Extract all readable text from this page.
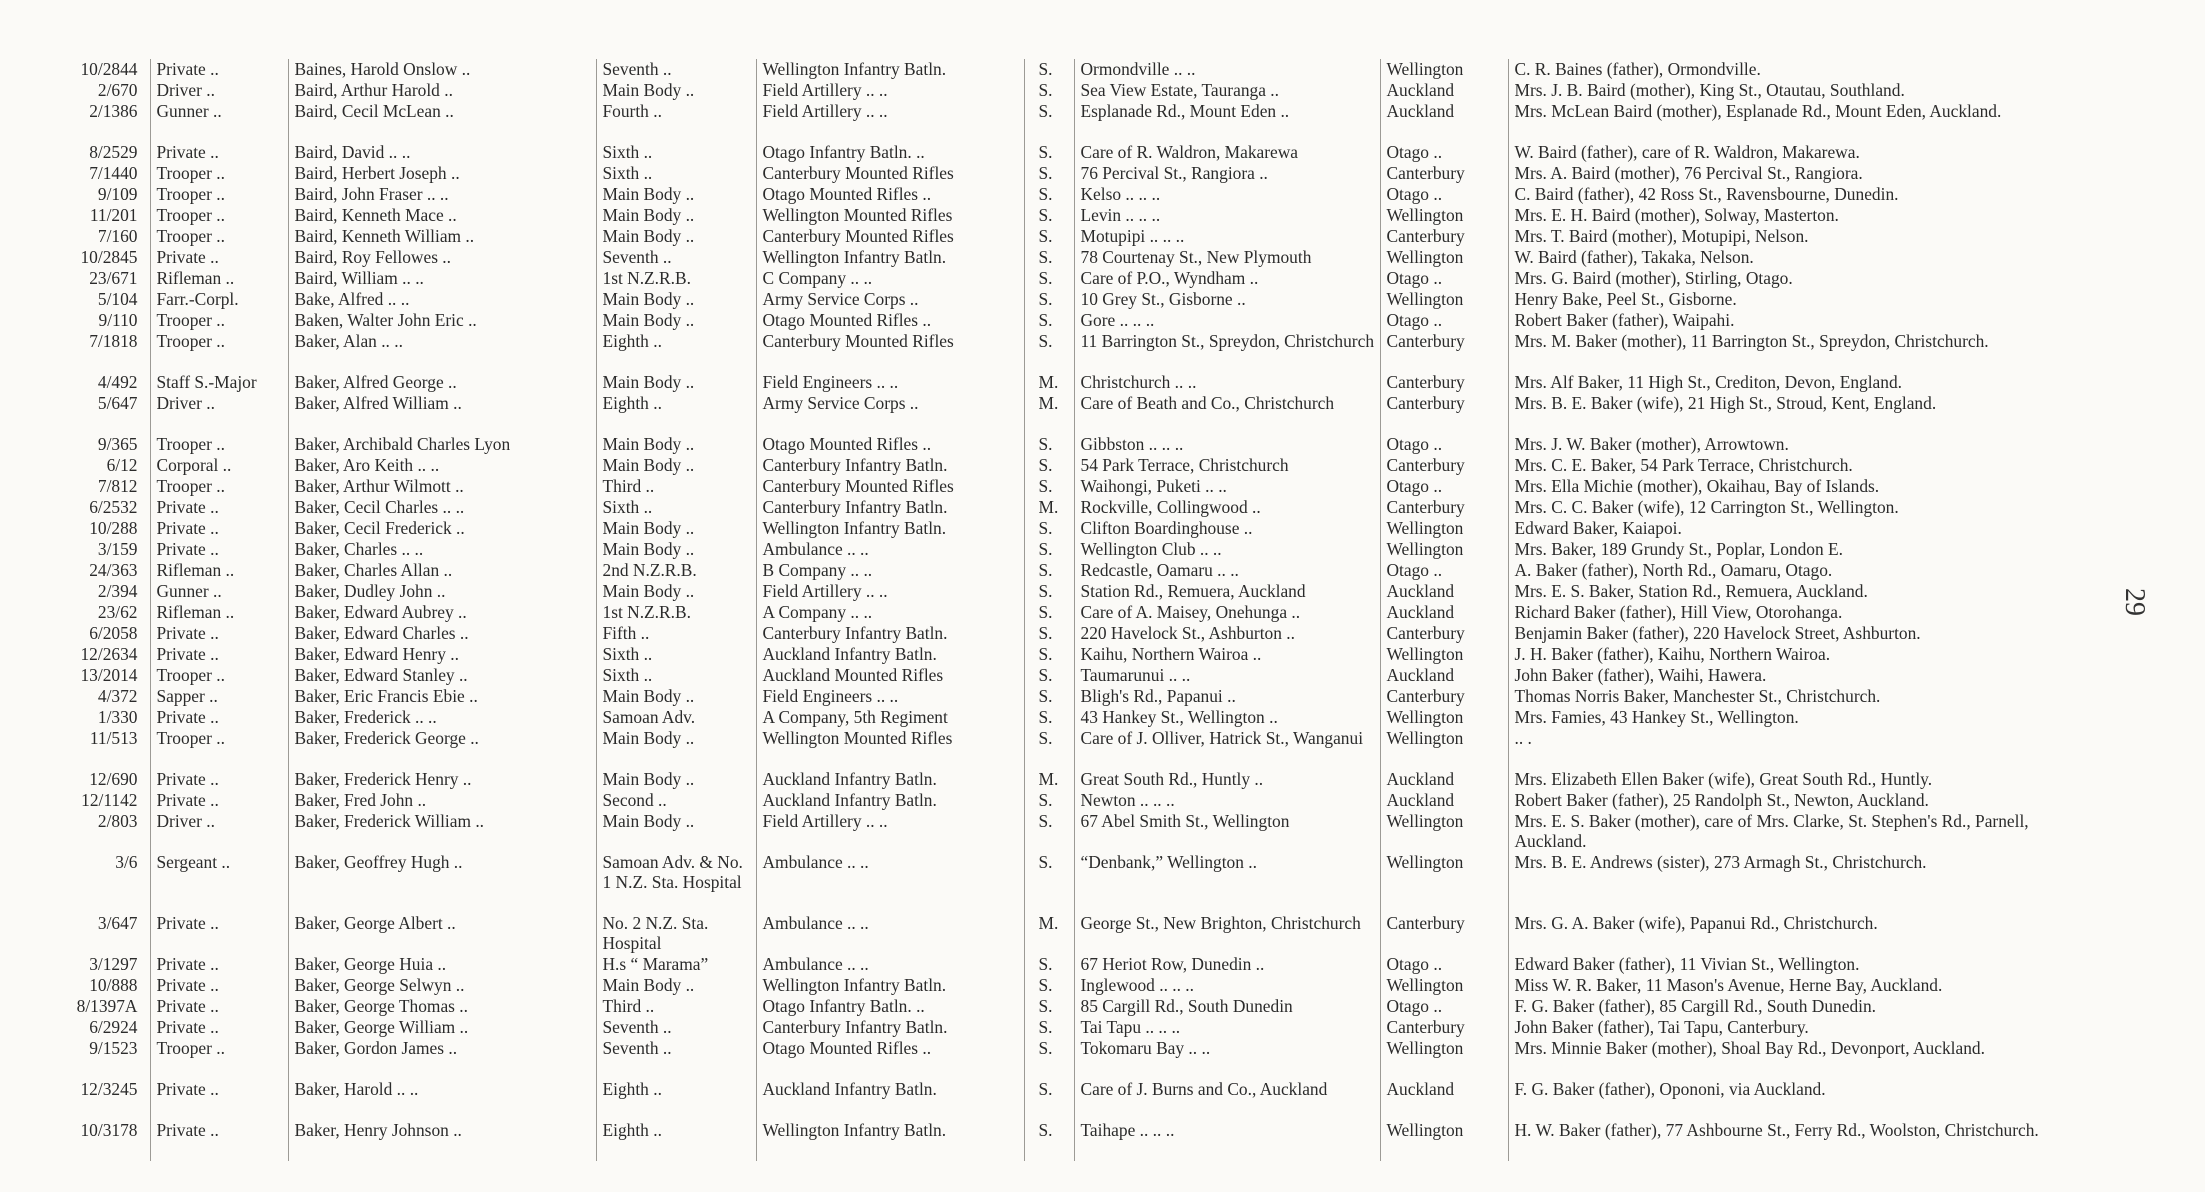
10/2844	Private ..	Baines, Harold Onslow ..	Seventh ..	Wellington Infantry Batln.	S.	Ormondville .. ..	Wellington	C. R. Baines (father), Ormondville.
2/670	Driver ..	Baird, Arthur Harold ..	Main Body ..	Field Artillery .. ..	S.	Sea View Estate, Tauranga ..	Auckland	Mrs. J. B. Baird (mother), King St., Otautau, Southland.
2/1386	Gunner ..	Baird, Cecil McLean ..	Fourth ..	Field Artillery .. ..	S.	Esplanade Rd., Mount Eden ..	Auckland	Mrs. McLean Baird (mother), Esplanade Rd., Mount Eden, Auckland.
8/2529	Private ..	Baird, David .. ..	Sixth ..	Otago Infantry Batln. ..	S.	Care of R. Waldron, Makarewa	Otago ..	W. Baird (father), care of R. Waldron, Makarewa.
7/1440	Trooper ..	Baird, Herbert Joseph ..	Sixth ..	Canterbury Mounted Rifles	S.	76 Percival St., Rangiora ..	Canterbury	Mrs. A. Baird (mother), 76 Percival St., Rangiora.
9/109	Trooper ..	Baird, John Fraser .. ..	Main Body ..	Otago Mounted Rifles ..	S.	Kelso .. .. ..	Otago ..	C. Baird (father), 42 Ross St., Ravensbourne, Dunedin.
11/201	Trooper ..	Baird, Kenneth Mace ..	Main Body ..	Wellington Mounted Rifles	S.	Levin .. .. ..	Wellington	Mrs. E. H. Baird (mother), Solway, Masterton.
7/160	Trooper ..	Baird, Kenneth William ..	Main Body ..	Canterbury Mounted Rifles	S.	Motupipi .. .. ..	Canterbury	Mrs. T. Baird (mother), Motupipi, Nelson.
10/2845	Private ..	Baird, Roy Fellowes ..	Seventh ..	Wellington Infantry Batln.	S.	78 Courtenay St., New Plymouth	Wellington	W. Baird (father), Takaka, Nelson.
23/671	Rifleman ..	Baird, William .. ..	1st N.Z.R.B.	C Company .. ..	S.	Care of P.O., Wyndham ..	Otago ..	Mrs. G. Baird (mother), Stirling, Otago.
5/104	Farr.-Corpl.	Bake, Alfred .. ..	Main Body ..	Army Service Corps ..	S.	10 Grey St., Gisborne ..	Wellington	Henry Bake, Peel St., Gisborne.
9/110	Trooper ..	Baken, Walter John Eric ..	Main Body ..	Otago Mounted Rifles ..	S.	Gore .. .. ..	Otago ..	Robert Baker (father), Waipahi.
7/1818	Trooper ..	Baker, Alan .. ..	Eighth ..	Canterbury Mounted Rifles	S.	11 Barrington St., Spreydon, Christchurch	Canterbury	Mrs. M. Baker (mother), 11 Barrington St., Spreydon, Christchurch.
4/492	Staff S.-Major	Baker, Alfred George ..	Main Body ..	Field Engineers .. ..	M.	Christchurch .. ..	Canterbury	Mrs. Alf Baker, 11 High St., Crediton, Devon, England.
5/647	Driver ..	Baker, Alfred William ..	Eighth ..	Army Service Corps ..	M.	Care of Beath and Co., Christchurch	Canterbury	Mrs. B. E. Baker (wife), 21 High St., Stroud, Kent, England.
9/365	Trooper ..	Baker, Archibald Charles Lyon	Main Body ..	Otago Mounted Rifles ..	S.	Gibbston .. .. ..	Otago ..	Mrs. J. W. Baker (mother), Arrowtown.
6/12	Corporal ..	Baker, Aro Keith .. ..	Main Body ..	Canterbury Infantry Batln.	S.	54 Park Terrace, Christchurch	Canterbury	Mrs. C. E. Baker, 54 Park Terrace, Christchurch.
7/812	Trooper ..	Baker, Arthur Wilmott ..	Third ..	Canterbury Mounted Rifles	S.	Waihongi, Puketi .. ..	Otago ..	Mrs. Ella Michie (mother), Okaihau, Bay of Islands.
6/2532	Private ..	Baker, Cecil Charles .. ..	Sixth ..	Canterbury Infantry Batln.	M.	Rockville, Collingwood ..	Canterbury	Mrs. C. C. Baker (wife), 12 Carrington St., Wellington.
10/288	Private ..	Baker, Cecil Frederick ..	Main Body ..	Wellington Infantry Batln.	S.	Clifton Boardinghouse ..	Wellington	Edward Baker, Kaiapoi.
3/159	Private ..	Baker, Charles .. ..	Main Body ..	Ambulance .. ..	S.	Wellington Club .. ..	Wellington	Mrs. Baker, 189 Grundy St., Poplar, London E.
24/363	Rifleman ..	Baker, Charles Allan ..	2nd N.Z.R.B.	B Company .. ..	S.	Redcastle, Oamaru .. ..	Otago ..	A. Baker (father), North Rd., Oamaru, Otago.
2/394	Gunner ..	Baker, Dudley John ..	Main Body ..	Field Artillery .. ..	S.	Station Rd., Remuera, Auckland	Auckland	Mrs. E. S. Baker, Station Rd., Remuera, Auckland.
23/62	Rifleman ..	Baker, Edward Aubrey ..	1st N.Z.R.B.	A Company .. ..	S.	Care of A. Maisey, Onehunga ..	Auckland	Richard Baker (father), Hill View, Otorohanga.
6/2058	Private ..	Baker, Edward Charles ..	Fifth ..	Canterbury Infantry Batln.	S.	220 Havelock St., Ashburton ..	Canterbury	Benjamin Baker (father), 220 Havelock Street, Ashburton.
12/2634	Private ..	Baker, Edward Henry ..	Sixth ..	Auckland Infantry Batln.	S.	Kaihu, Northern Wairoa ..	Wellington	J. H. Baker (father), Kaihu, Northern Wairoa.
13/2014	Trooper ..	Baker, Edward Stanley ..	Sixth ..	Auckland Mounted Rifles	S.	Taumarunui .. ..	Auckland	John Baker (father), Waihi, Hawera.
4/372	Sapper ..	Baker, Eric Francis Ebie ..	Main Body ..	Field Engineers .. ..	S.	Bligh's Rd., Papanui ..	Canterbury	Thomas Norris Baker, Manchester St., Christchurch.
1/330	Private ..	Baker, Frederick .. ..	Samoan Adv.	A Company, 5th Regiment	S.	43 Hankey St., Wellington ..	Wellington	Mrs. Famies, 43 Hankey St., Wellington.
11/513	Trooper ..	Baker, Frederick George ..	Main Body ..	Wellington Mounted Rifles	S.	Care of J. Olliver, Hatrick St., Wanganui	Wellington	.. .
12/690	Private ..	Baker, Frederick Henry ..	Main Body ..	Auckland Infantry Batln.	M.	Great South Rd., Huntly ..	Auckland	Mrs. Elizabeth Ellen Baker (wife), Great South Rd., Huntly.
12/1142	Private ..	Baker, Fred John ..	Second ..	Auckland Infantry Batln.	S.	Newton .. .. ..	Auckland	Robert Baker (father), 25 Randolph St., Newton, Auckland.
2/803	Driver ..	Baker, Frederick William ..	Main Body ..	Field Artillery .. ..	S.	67 Abel Smith St., Wellington	Wellington	Mrs. E. S. Baker (mother), care of Mrs. Clarke, St. Stephen's Rd., Parnell, Auckland.
3/6	Sergeant ..	Baker, Geoffrey Hugh ..	Samoan Adv. & No. 1 N.Z. Sta. Hospital	Ambulance .. ..	S.	“Denbank,” Wellington ..	Wellington	Mrs. B. E. Andrews (sister), 273 Armagh St., Christchurch.
3/647	Private ..	Baker, George Albert ..	No. 2 N.Z. Sta. Hospital	Ambulance .. ..	M.	George St., New Brighton, Christchurch	Canterbury	Mrs. G. A. Baker (wife), Papanui Rd., Christchurch.
3/1297	Private ..	Baker, George Huia ..	H.s “ Marama”	Ambulance .. ..	S.	67 Heriot Row, Dunedin ..	Otago ..	Edward Baker (father), 11 Vivian St., Wellington.
10/888	Private ..	Baker, George Selwyn ..	Main Body ..	Wellington Infantry Batln.	S.	Inglewood .. .. ..	Wellington	Miss W. R. Baker, 11 Mason's Avenue, Herne Bay, Auckland.
8/1397A	Private ..	Baker, George Thomas ..	Third ..	Otago Infantry Batln. ..	S.	85 Cargill Rd., South Dunedin	Otago ..	F. G. Baker (father), 85 Cargill Rd., South Dunedin.
6/2924	Private ..	Baker, George William ..	Seventh ..	Canterbury Infantry Batln.	S.	Tai Tapu .. .. ..	Canterbury	John Baker (father), Tai Tapu, Canterbury.
9/1523	Trooper ..	Baker, Gordon James ..	Seventh ..	Otago Mounted Rifles ..	S.	Tokomaru Bay .. ..	Wellington	Mrs. Minnie Baker (mother), Shoal Bay Rd., Devonport, Auckland.
12/3245	Private ..	Baker, Harold .. ..	Eighth ..	Auckland Infantry Batln.	S.	Care of J. Burns and Co., Auckland	Auckland	F. G. Baker (father), Opononi, via Auckland.
10/3178	Private ..	Baker, Henry Johnson ..	Eighth ..	Wellington Infantry Batln.	S.	Taihape .. .. ..	Wellington	H. W. Baker (father), 77 Ashbourne St., Ferry Rd., Woolston, Christchurch.
29
